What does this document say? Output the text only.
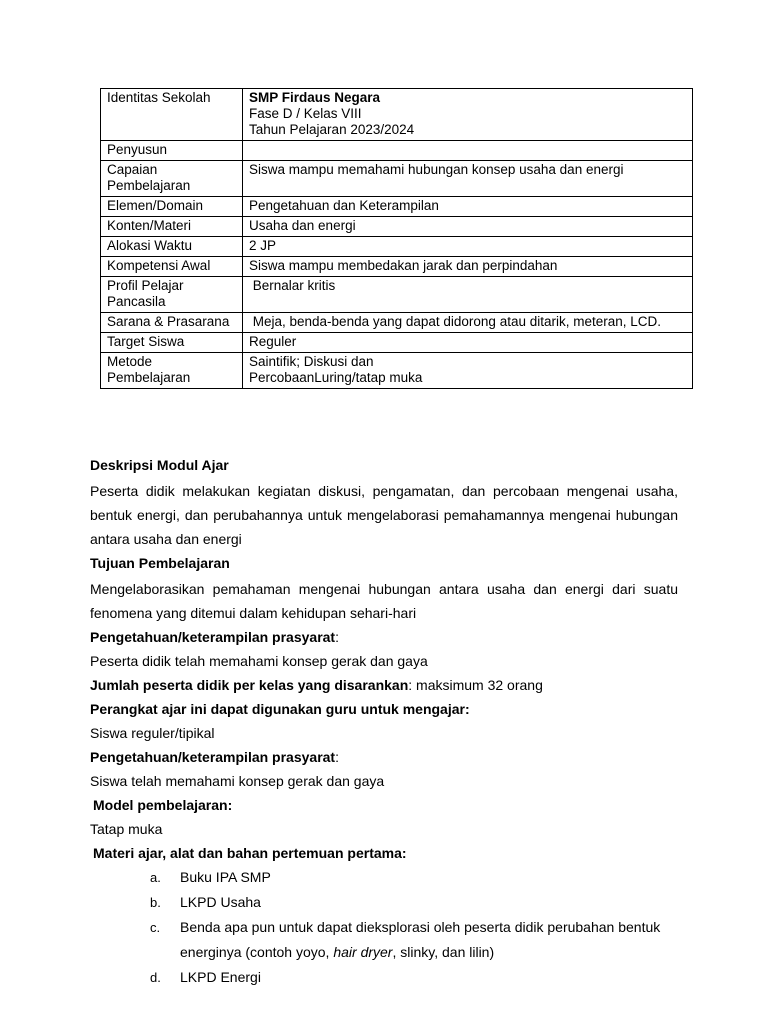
Identitas Sekolah	SMP Firdaus Negara
Fase D / Kelas VIII
Tahun Pelajaran 2023/2024

Penyusun	
Capaian Pembelajaran	Siswa mampu memahami hubungan konsep usaha dan energi

Elemen/Domain	Pengetahuan dan Keterampilan

Konten/Materi	Usaha dan energi

Alokasi Waktu	2 JP

Kompetensi Awal	Siswa mampu membedakan jarak dan perpindahan

Profil Pelajar Pancasila	Bernalar kritis

Sarana & Prasarana	Meja, benda-benda yang dapat didorong atau ditarik, meteran, LCD.

Target Siswa	Reguler

Metode Pembelajaran	Saintifik; Diskusi dan
PercobaanLuring/tatap muka
Deskripsi Modul Ajar

Peserta didik melakukan kegiatan diskusi, pengamatan, dan percobaan mengenai usaha, bentuk energi, dan perubahannya untuk mengelaborasi pemahamannya mengenai hubungan antara usaha dan energi

Tujuan Pembelajaran

Mengelaborasikan pemahaman mengenai hubungan antara usaha dan energi dari suatu fenomena yang ditemui dalam kehidupan sehari-hari

Pengetahuan/keterampilan prasyarat:

Peserta didik telah memahami konsep gerak dan gaya

Jumlah peserta didik per kelas yang disarankan: maksimum 32 orang

Perangkat ajar ini dapat digunakan guru untuk mengajar:

Siswa reguler/tipikal

Pengetahuan/keterampilan prasyarat:

Siswa telah memahami konsep gerak dan gaya

Model pembelajaran:

Tatap muka

Materi ajar, alat dan bahan pertemuan pertama:

a. Buku IPA SMP
b. LKPD Usaha
c. Benda apa pun untuk dapat dieksplorasi oleh peserta didik perubahan bentuk energinya (contoh yoyo, hair dryer, slinky, dan lilin)
d. LKPD Energi
